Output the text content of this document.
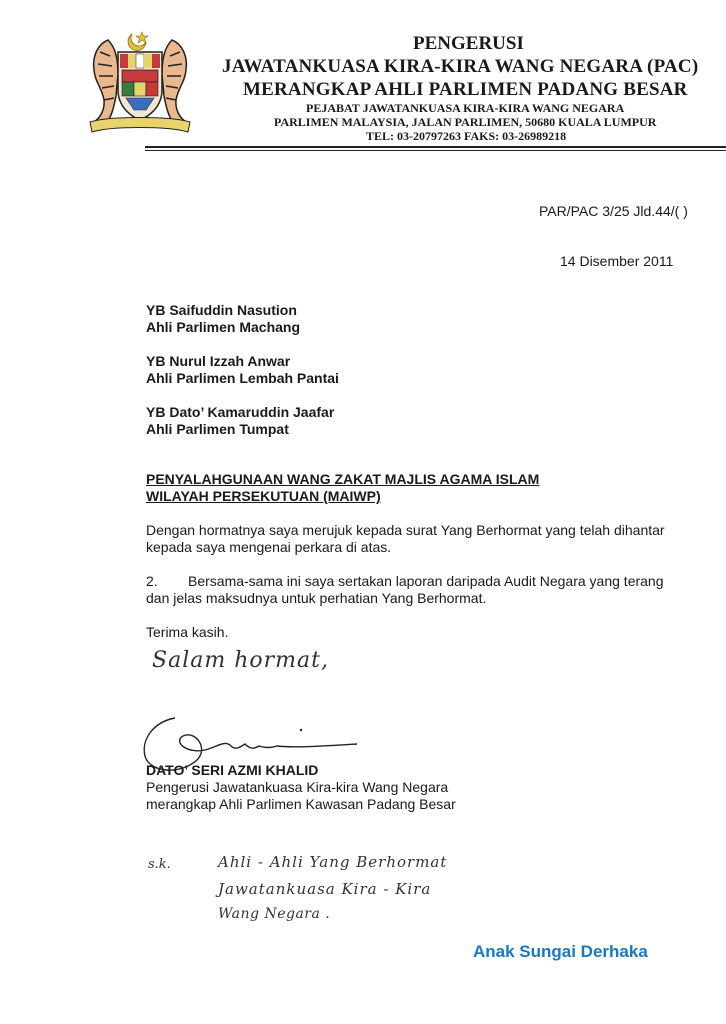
PENGERUSI
JAWATANKUASA KIRA-KIRA WANG NEGARA (PAC)
MERANGKAP AHLI PARLIMEN PADANG BESAR
PEJABAT JAWATANKUASA KIRA-KIRA WANG NEGARA
PARLIMEN MALAYSIA, JALAN PARLIMEN, 50680 KUALA LUMPUR
TEL: 03-20797263 FAKS: 03-26989218
PAR/PAC 3/25 Jld.44/( )
14 Disember 2011
YB Saifuddin Nasution
Ahli Parlimen Machang
YB Nurul Izzah Anwar
Ahli Parlimen Lembah Pantai
YB Dato’ Kamaruddin Jaafar
Ahli Parlimen Tumpat
PENYALAHGUNAAN WANG ZAKAT MAJLIS AGAMA ISLAM
WILAYAH PERSEKUTUAN (MAIWP)
Dengan hormatnya saya merujuk kepada surat Yang Berhormat yang telah dihantar
kepada saya mengenai perkara di atas.
2. Bersama-sama ini saya sertakan laporan daripada Audit Negara yang terang
dan jelas maksudnya untuk perhatian Yang Berhormat.
Terima kasih.
Salam hormat,
DATO’ SERI AZMI KHALID
Pengerusi Jawatankuasa Kira-kira Wang Negara
merangkap Ahli Parlimen Kawasan Padang Besar
s.k.	Ahli - Ahli Yang Berhormat
Jawatankuasa Kira - Kira
Wang Negara .
Anak Sungai Derhaka
